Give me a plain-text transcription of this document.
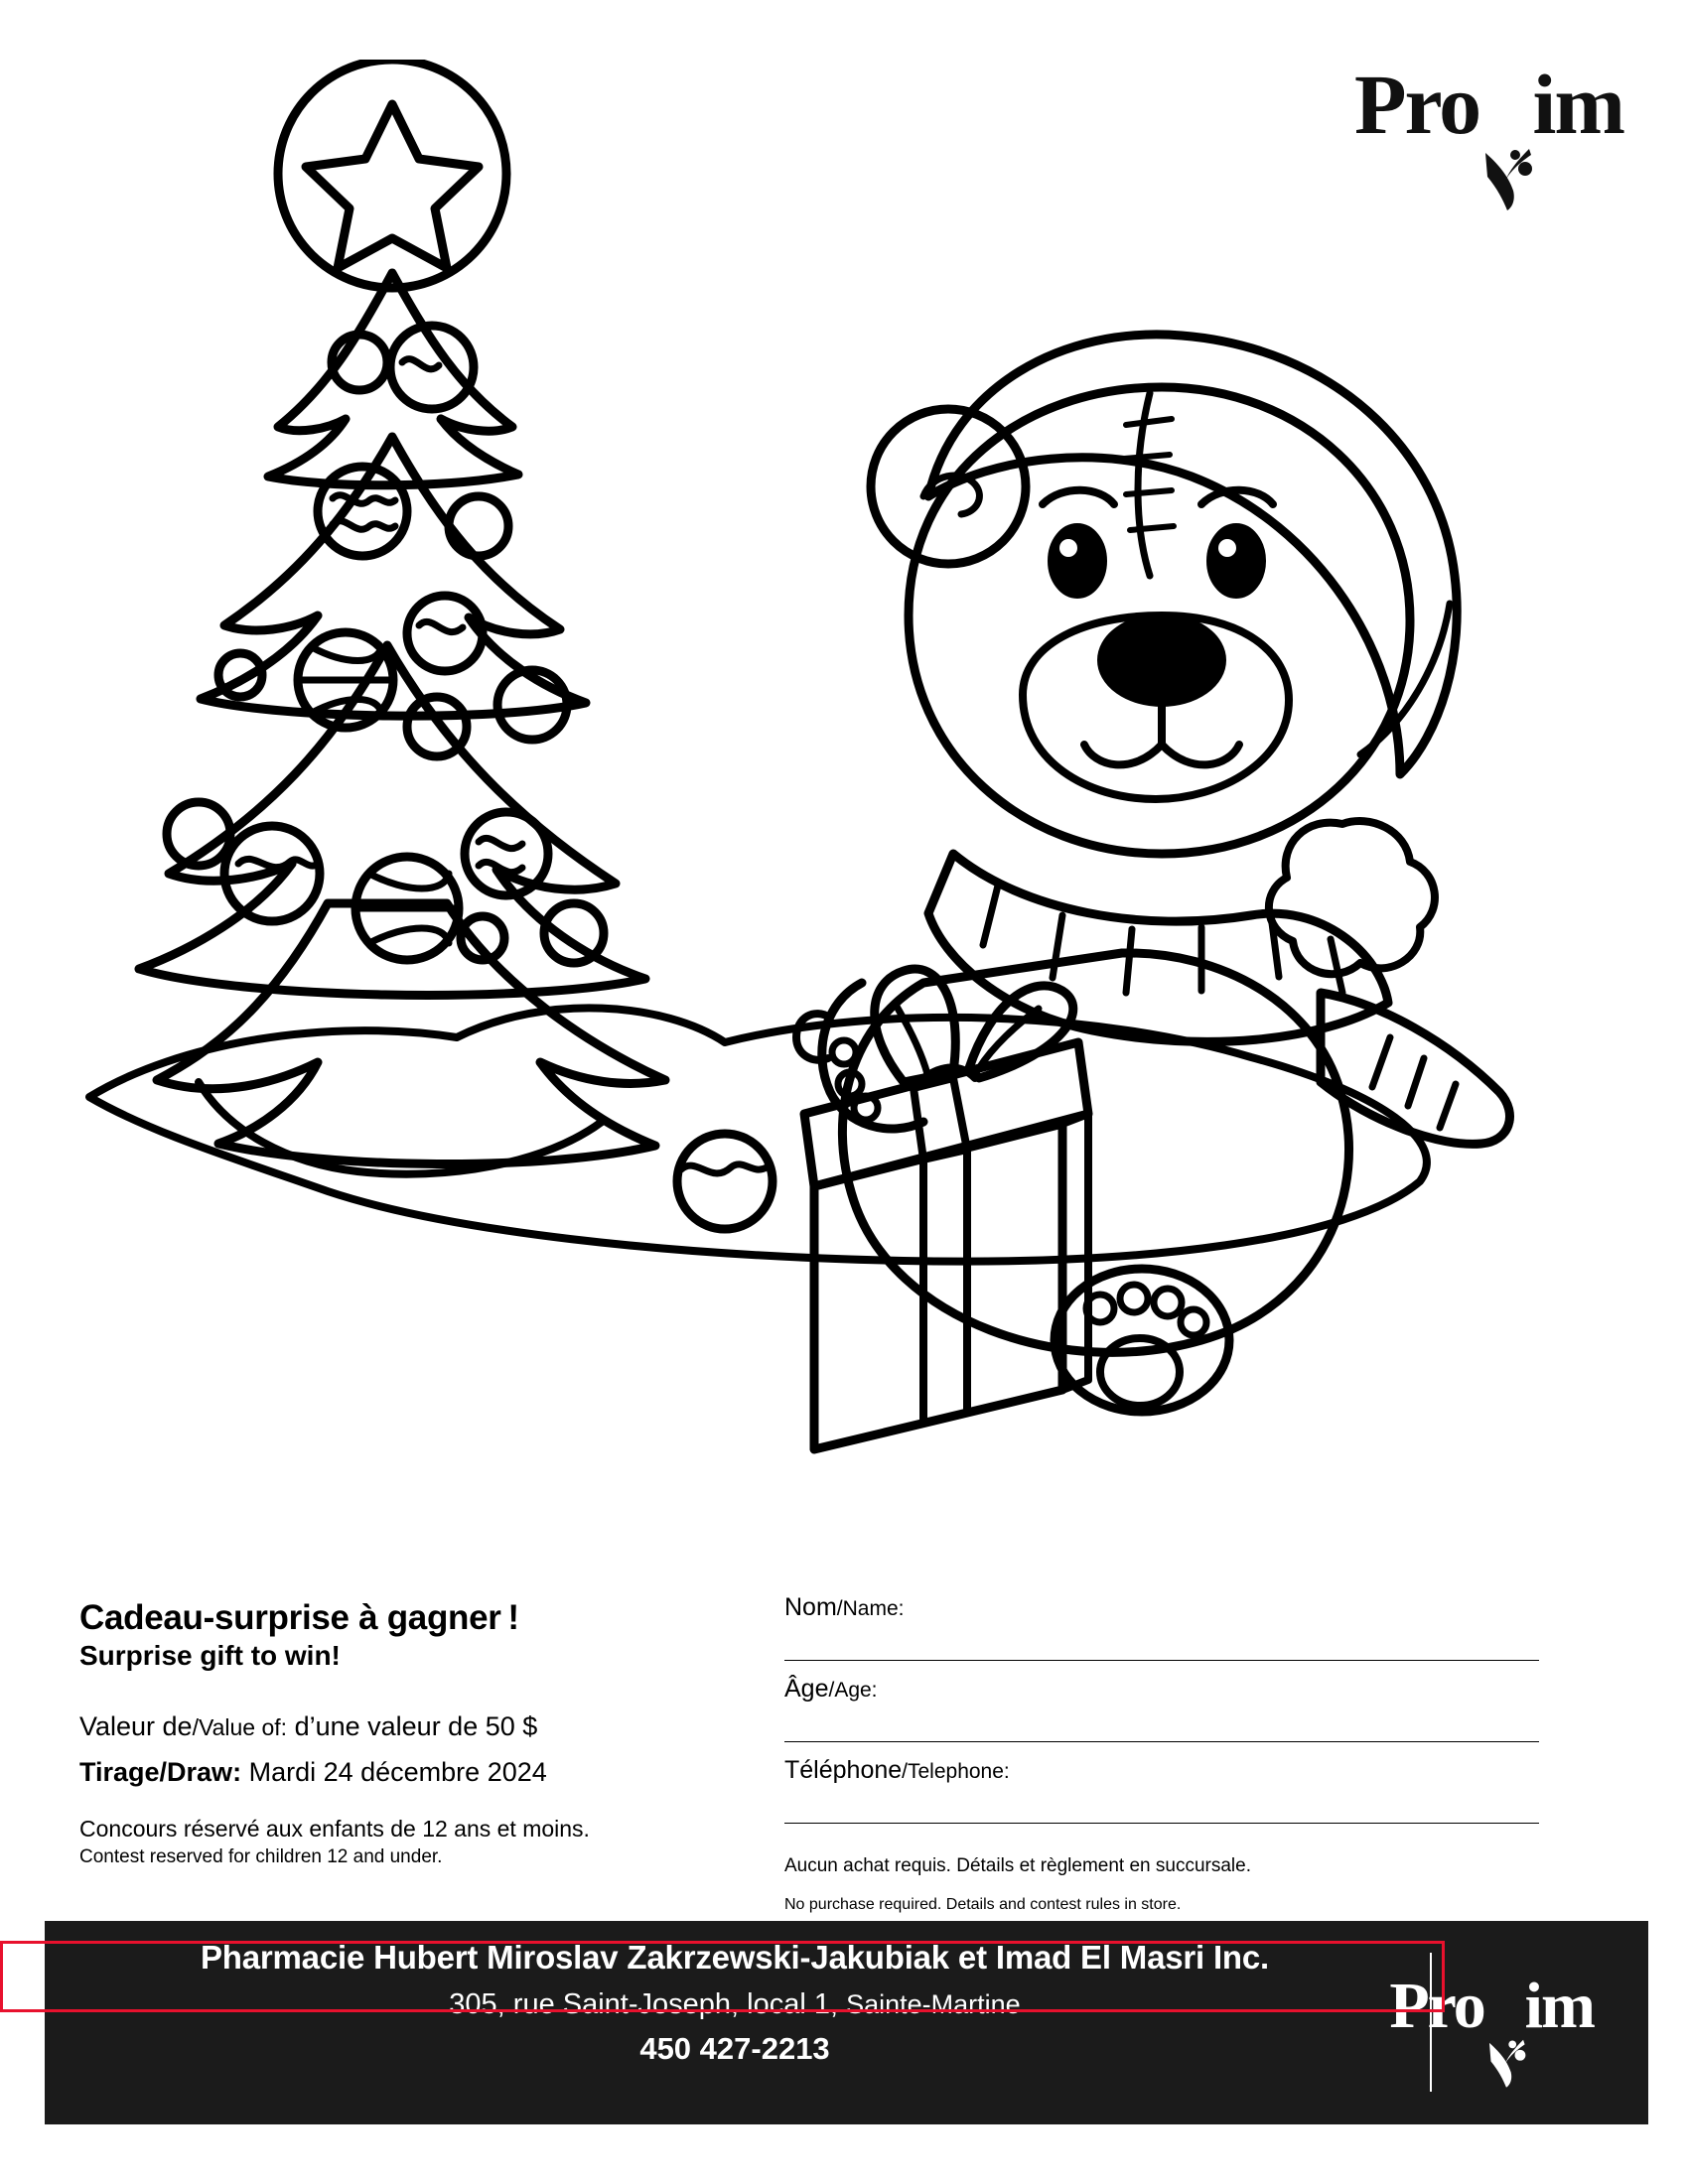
Pro im

Cadeau-surprise à gagner !

Surprise gift to win!

Valeur de/Value of: d’une valeur de 50 $

Tirage/Draw: Mardi 24 décembre 2024

Concours réservé aux enfants de 12 ans et moins.

Contest reserved for children 12 and under.

Nom/Name:
Âge/Age:
Téléphone/Telephone:

Aucun achat requis. Détails et règlement en succursale.

No purchase required. Details and contest rules in store.

Pharmacie Hubert Miroslav Zakrzewski-Jakubiak et Imad El Masri Inc.
305, rue Saint-Joseph, local 1, Sainte-Martine
450 427-2213
Pro im
